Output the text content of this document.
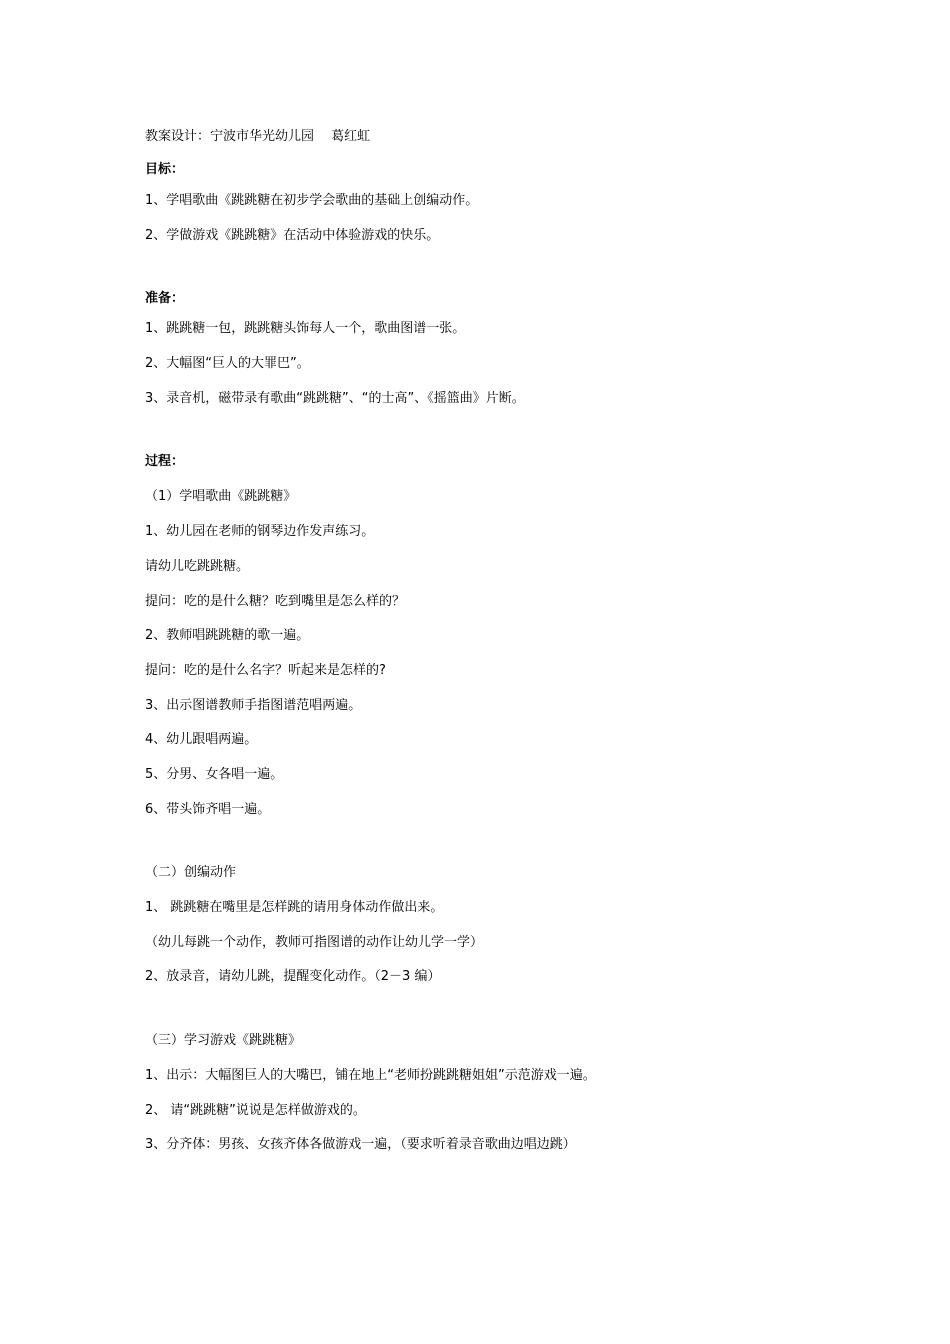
教案设计：宁波市华光幼儿园　 葛红虹
目标：
1、学唱歌曲《跳跳糖在初步学会歌曲的基础上创编动作。
2、学做游戏《跳跳糖》在活动中体验游戏的快乐。
准备：
1、跳跳糖一包，跳跳糖头饰每人一个，歌曲图谱一张。
2、大幅图“巨人的大罪巴”。
3、录音机，磁带录有歌曲“跳跳糖”、“的士高”、《摇篮曲》片断。
过程：
（1）学唱歌曲《跳跳糖》
1、幼儿园在老师的钢琴边作发声练习。
请幼儿吃跳跳糖。
提问：吃的是什么糖？吃到嘴里是怎么样的？
2、教师唱跳跳糖的歌一遍。
提问：吃的是什么名字？听起来是怎样的?
3、出示图谱教师手指图谱范唱两遍。
4、幼儿跟唱两遍。
5、分男、女各唱一遍。
6、带头饰齐唱一遍。
（二）创编动作
1、 跳跳糖在嘴里是怎样跳的请用身体动作做出来。
（幼儿每跳一个动作，教师可指图谱的动作让幼儿学一学）
2、放录音，请幼儿跳，提醒变化动作。（2－3 编）
（三）学习游戏《跳跳糖》
1、出示：大幅图巨人的大嘴巴，铺在地上“老师扮跳跳糖姐姐”示范游戏一遍。
2、 请“跳跳糖”说说是怎样做游戏的。
3、分齐体：男孩、女孩齐体各做游戏一遍，（要求听着录音歌曲边唱边跳）
